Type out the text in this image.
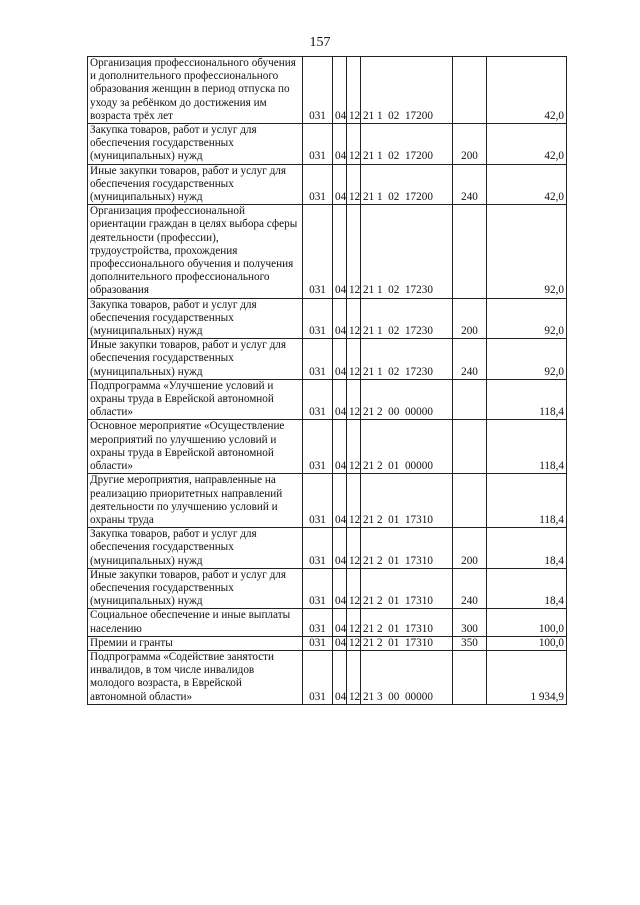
157
Организация профессионального обучения и дополнительного профессионального образования женщин в период отпуска по уходу за ребёнком до достижения им возраста трёх лет	031	04	12	21 1  02  17200		42,0
Закупка товаров, работ и услуг для обеспечения государственных (муниципальных) нужд	031	04	12	21 1  02  17200	200	42,0
Иные закупки товаров, работ и услуг для обеспечения государственных (муниципальных) нужд	031	04	12	21 1  02  17200	240	42,0
Организация профессиональной ориентации граждан в целях выбора сферы деятельности (профессии), трудоустройства, прохождения профессионального обучения и получения дополнительного профессионального образования	031	04	12	21 1  02  17230		92,0
Закупка товаров, работ и услуг для обеспечения государственных (муниципальных) нужд	031	04	12	21 1  02  17230	200	92,0
Иные закупки товаров, работ и услуг для обеспечения государственных (муниципальных) нужд	031	04	12	21 1  02  17230	240	92,0
Подпрограмма «Улучшение условий и охраны труда в Еврейской автономной области»	031	04	12	21 2  00  00000		118,4
Основное мероприятие «Осуществление мероприятий по улучшению условий и охраны труда в Еврейской автономной области»	031	04	12	21 2  01  00000		118,4
Другие мероприятия, направленные на реализацию приоритетных направлений деятельности по улучшению условий и охраны труда	031	04	12	21 2  01  17310		118,4
Закупка товаров, работ и услуг для обеспечения государственных (муниципальных) нужд	031	04	12	21 2  01  17310	200	18,4
Иные закупки товаров, работ и услуг для обеспечения государственных (муниципальных) нужд	031	04	12	21 2  01  17310	240	18,4
Социальное обеспечение и иные выплаты населению	031	04	12	21 2  01  17310	300	100,0
Премии и гранты	031	04	12	21 2  01  17310	350	100,0
Подпрограмма «Содействие занятости инвалидов, в том числе инвалидов молодого возраста, в Еврейской автономной области»	031	04	12	21 3  00  00000		1 934,9
